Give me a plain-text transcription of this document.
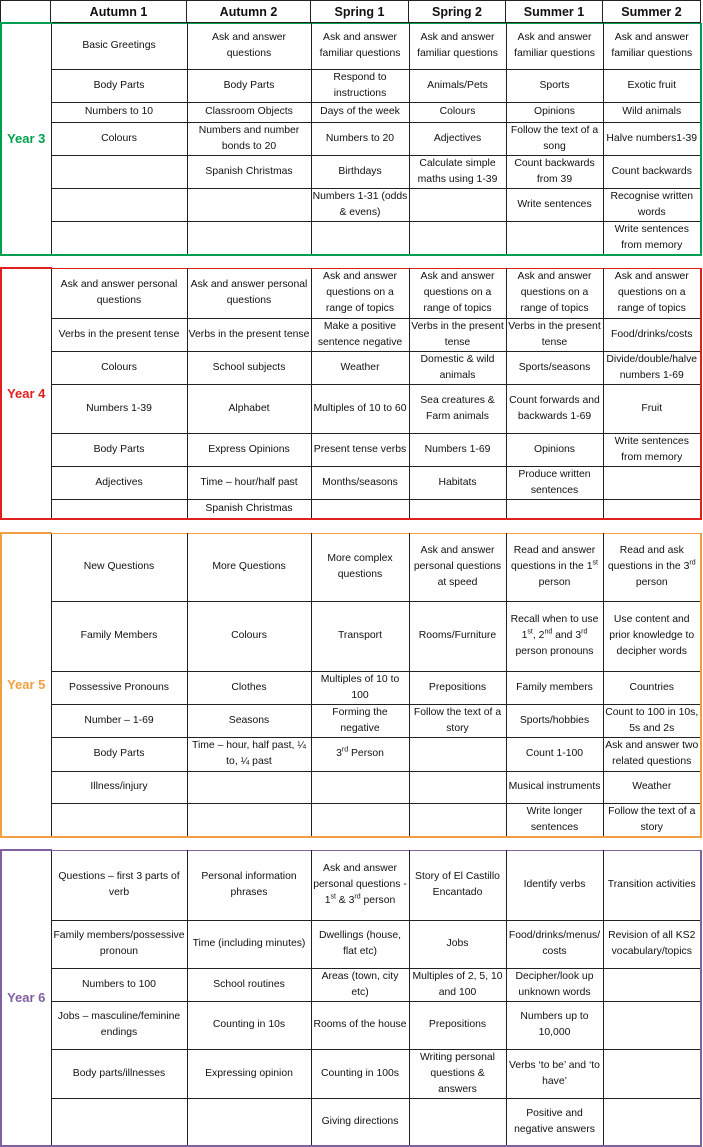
	Autumn 1	Autumn 2	Spring 1	Spring 2	Summer 1	Summer 2
Year 3	Basic Greetings	Ask and answer questions	Ask and answer familiar questions	Ask and answer familiar questions	Ask and answer familiar questions	Ask and answer familiar questions
	Body Parts	Body Parts	Respond to instructions	Animals/Pets	Sports	Exotic fruit
	Numbers to 10	Classroom Objects	Days of the week	Colours	Opinions	Wild animals
	Colours	Numbers and number bonds to 20	Numbers to 20	Adjectives	Follow the text of a song	Halve numbers1-39
		Spanish Christmas	Birthdays	Calculate simple maths using 1-39	Count backwards from 39	Count backwards
			Numbers 1-31 (odds & evens)		Write sentences	Recognise written words
						Write sentences from memory
Year 4	Ask and answer personal questions	Ask and answer personal questions	Ask and answer questions on a range of topics	Ask and answer questions on a range of topics	Ask and answer questions on a range of topics	Ask and answer questions on a range of topics
	Verbs in the present tense	Verbs in the present tense	Make a positive sentence negative	Verbs in the present tense	Verbs in the present tense	Food/drinks/costs
	Colours	School subjects	Weather	Domestic & wild animals	Sports/seasons	Divide/double/halve numbers 1-69
	Numbers 1-39	Alphabet	Multiples of 10 to 60	Sea creatures & Farm animals	Count forwards and backwards 1-69	Fruit
	Body Parts	Express Opinions	Present tense verbs	Numbers 1-69	Opinions	Write sentences from memory
	Adjectives	Time – hour/half past	Months/seasons	Habitats	Produce written sentences	
		Spanish Christmas				
Year 5	New Questions	More Questions	More complex questions	Ask and answer personal questions at speed	Read and answer questions in the 1st person	Read and ask questions in the 3rd person
	Family Members	Colours	Transport	Rooms/Furniture	Recall when to use 1st, 2nd and 3rd person pronouns	Use content and prior knowledge to decipher words
	Possessive Pronouns	Clothes	Multiples of 10 to 100	Prepositions	Family members	Countries
	Number – 1-69	Seasons	Forming the negative	Follow the text of a story	Sports/hobbies	Count to 100 in 10s, 5s and 2s
	Body Parts	Time – hour, half past, ¼ to, ¼ past	3rd Person		Count 1-100	Ask and answer two related questions
	Illness/injury				Musical instruments	Weather
					Write longer sentences	Follow the text of a story
Year 6	Questions – first 3 parts of verb	Personal information phrases	Ask and answer personal questions - 1st & 3rd person	Story of El Castillo Encantado	Identify verbs	Transition activities
	Family members/possessive pronoun	Time (including minutes)	Dwellings (house, flat etc)	Jobs	Food/drinks/menus/costs	Revision of all KS2 vocabulary/topics
	Numbers to 100	School routines	Areas (town, city etc)	Multiples of 2, 5, 10 and 100	Decipher/look up unknown words	
	Jobs – masculine/feminine endings	Counting in 10s	Rooms of the house	Prepositions	Numbers up to 10,000	
	Body parts/illnesses	Expressing opinion	Counting in 100s	Writing personal questions & answers	Verbs ‘to be’ and ‘to have’	
			Giving directions		Positive and negative answers	
